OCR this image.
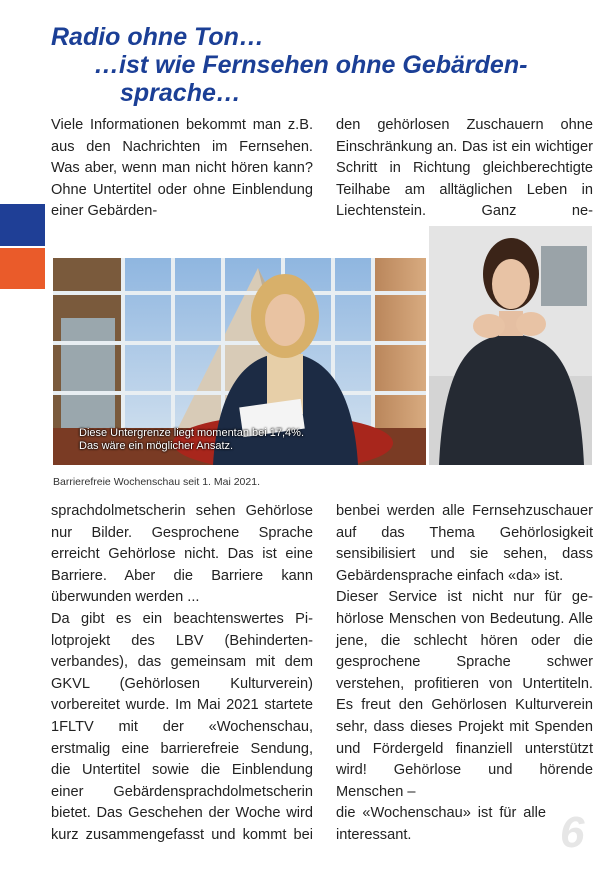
Radio ohne Ton…
…ist wie Fernsehen ohne Gebärden-
sprache…

Viele Informationen bekommt man z.B. aus den Nachrichten im Fernsehen. Was aber, wenn man nicht hören kann? Ohne Untertitel oder ohne Einblendung einer Gebärden-

den gehörlosen Zuschauern ohne Einschränkung an. Das ist ein wichtiger Schritt in Richtung gleichberechtigte Teilhabe am alltäglichen Leben in Liechtenstein. Ganz ne-

Diese Untergrenze liegt momentan bei 17,4%.
Das wäre ein möglicher Ansatz.
Barrierefreie Wochenschau seit 1. Mai 2021.

sprachdolmetscherin sehen Gehörlose nur Bilder. Gesprochene Sprache erreicht Gehörlose nicht. Das ist eine Barriere. Aber die Barriere kann überwunden werden ...

Da gibt es ein beachtenswertes Pilotprojekt des LBV (Behindertenverbandes), das gemeinsam mit dem GKVL (Gehörlosen Kulturverein) vorbereitet wurde. Im Mai 2021 startete 1FLTV mit der «Wochenschau, erstmalig eine barrierefreie Sendung, die Untertitel sowie die Einblendung einer Gebärdensprachdolmetscherin bietet. Das Geschehen der Woche wird kurz zusammengefasst und kommt bei

benbei werden alle Fernsehzuschauer auf das Thema Gehörlosigkeit sensibilisiert und sie sehen, dass Gebärdensprache einfach «da» ist.

Dieser Service ist nicht nur für gehörlose Menschen von Bedeutung. Alle jene, die schlecht hören oder die gesprochene Sprache schwer verstehen, profitieren von Untertiteln. Es freut den Gehörlosen Kulturverein sehr, dass dieses Projekt mit Spenden und Fördergeld finanziell unterstützt wird! Gehörlose und hörende Menschen –

die «Wochenschau» ist für alle interessant.	6
